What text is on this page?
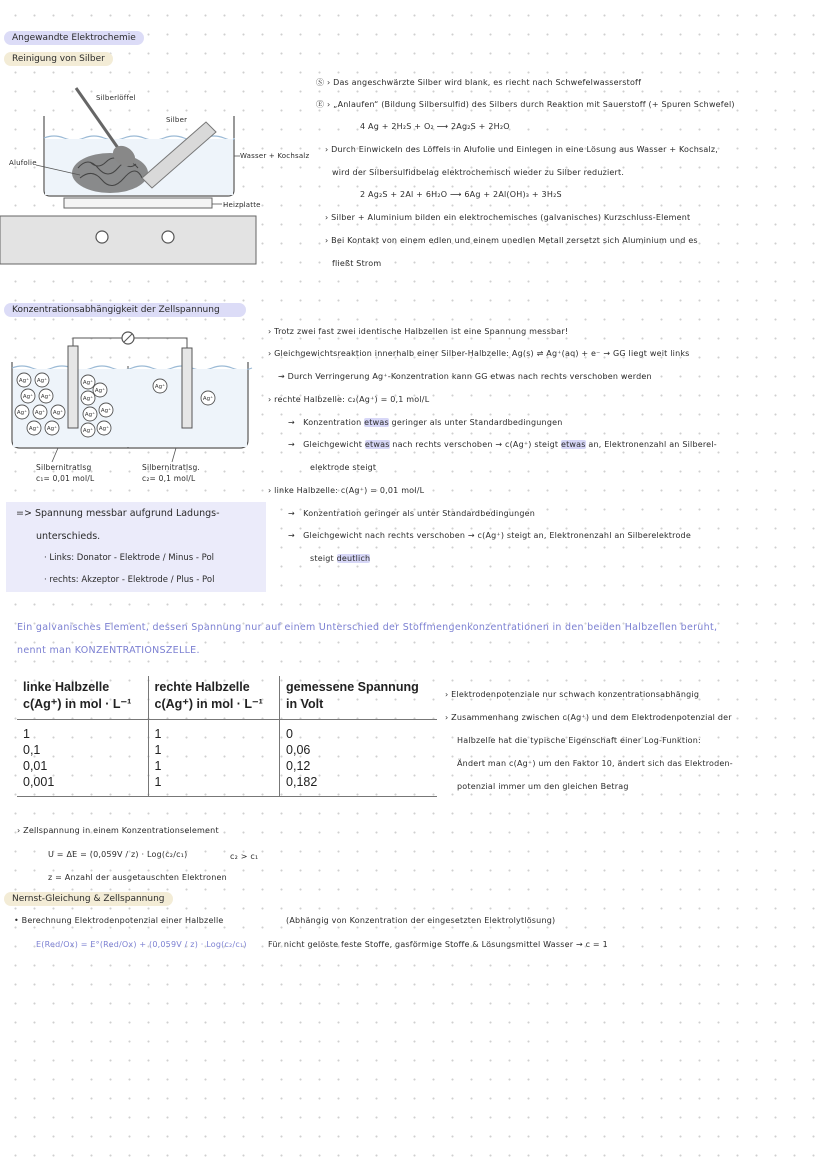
Angewandte Elektrochemie
Reinigung von Silber
Konzentrationsabhängigkeit der Zellspannung
Nernst-Gleichung & Zellspannung
Silberlöffel
Silber
Alufolie
Wasser + Kochsalz
Heizplatte
Ⓢ › Das angeschwärzte Silber wird blank, es riecht nach Schwefelwasserstoff
Ⓔ › „Anlaufen“ (Bildung Silbersulfid) des Silbers durch Reaktion mit Sauerstoff (+ Spuren Schwefel)
4 Ag + 2H₂S + O₂ ⟶ 2Ag₂S + 2H₂O
› Durch Einwickeln des Löffels in Alufolie und Einlegen in eine Lösung aus Wasser + Kochsalz,
wird der Silbersulfidbelag elektrochemisch wieder zu Silber reduziert.
2 Ag₂S + 2Al + 6H₂O ⟶ 6Ag + 2Al(OH)₃ + 3H₂S
› Silber + Aluminium bilden ein elektrochemisches (galvanisches) Kurzschluss-Element
› Bei Kontakt von einem edlen und einem unedlen Metall zersetzt sich Aluminium und es
fließt Strom
Ag⁺ Ag⁺
Ag⁺ Ag⁺
Ag⁺ Ag⁺
Ag⁺ Ag⁺
Ag⁺
Ag⁺
Ag⁺
Ag⁺
Ag⁺
Ag⁺
Ag⁺ Ag⁺
Ag⁺
Ag⁺
Silbernitratlsg
c₁= 0,01 mol/L
Silbernitratlsg.
c₂= 0,1 mol/L
› Trotz zwei fast zwei identische Halbzellen ist eine Spannung messbar!
› Gleichgewichtsreaktion innerhalb einer Silber-Halbzelle: Ag(s) ⇌ Ag⁺(aq) + e⁻ → GG liegt weit links
→ Durch Verringerung Ag⁺-Konzentration kann GG etwas nach rechts verschoben werden
› rechte Halbzelle: c₂(Ag⁺) = 0,1 mol/L
→   Konzentration etwas geringer als unter Standardbedingungen
→   Gleichgewicht etwas nach rechts verschoben → c(Ag⁺) steigt etwas an, Elektronenzahl an Silberel-
elektrode steigt
› linke Halbzelle: c(Ag⁺) = 0,01 mol/L
→   Konzentration geringer als unter Standardbedingungen
→   Gleichgewicht nach rechts verschoben → c(Ag⁺) steigt an, Elektronenzahl an Silberelektrode
steigt deutlich
=> Spannung messbar aufgrund Ladungs-
unterschieds.
· Links: Donator - Elektrode / Minus - Pol
· rechts: Akzeptor - Elektrode / Plus - Pol
Ein galvanisches Element, dessen Spannung nur auf einem Unterschied der Stoffmengenkonzentrationen in den beiden Halbzellen beruht,
nennt man KONZENTRATIONSZELLE.
linke Halbzelle
c(Ag⁺) in mol · L⁻¹	rechte Halbzelle
c(Ag⁺) in mol · L⁻¹	gemessene Spannung
in Volt
1	1	0
0,1	1	0,06
0,01	1	0,12
0,001	1	0,182
› Elektrodenpotenziale nur schwach konzentrationsabhängig
› Zusammenhang zwischen c(Ag⁺) und dem Elektrodenpotenzial der
Halbzelle hat die typische Eigenschaft einer Log-Funktion:
Ändert man c(Ag⁺) um den Faktor 10, ändert sich das Elektroden-
potenzial immer um den gleichen Betrag
› Zellspannung in einem Konzentrationselement
U = ΔE = (0,059V / z) · Log(c₂/c₁)	c₂ > c₁
z = Anzahl der ausgetauschten Elektronen
• Berechnung Elektrodenpotenzial einer Halbzelle	(Abhängig von Konzentration der eingesetzten Elektrolytlösung)
E(Red/Ox) = E°(Red/Ox) + (0,059V / z) · Log(c₂/c₁)	Für nicht gelöste feste Stoffe, gasförmige Stoffe & Lösungsmittel Wasser → c = 1
